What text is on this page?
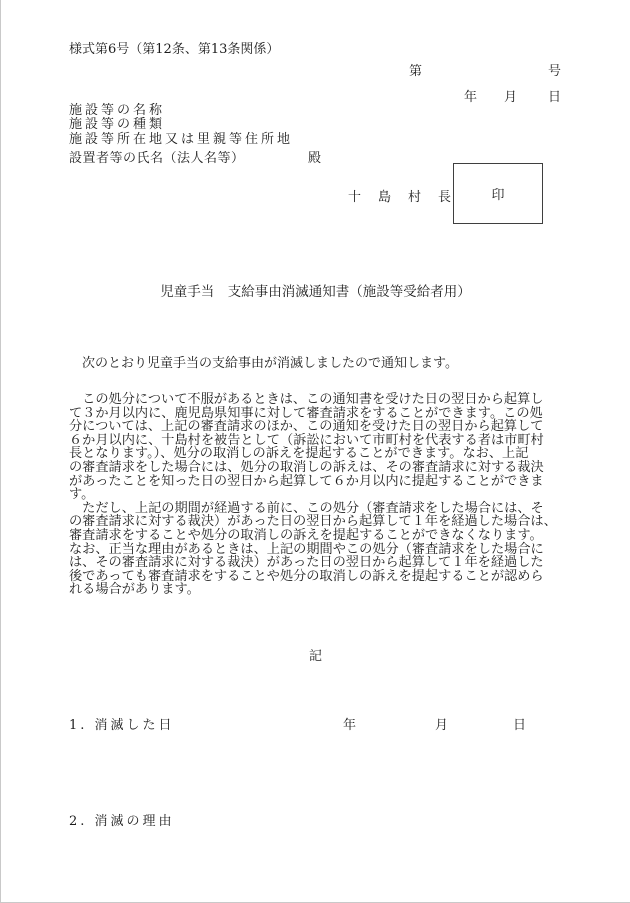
様式第6号（第12条、第13条関係）
第	号
年 月 日
施設等の名称
施設等の種類
施設等所在地又は里親等住所地
設置者等の氏名（法人名等）	殿
十　島　村　長	印
児童手当　支給事由消滅通知書（施設等受給者用）
　次のとおり児童手当の支給事由が消滅しましたので通知します。
　この処分について不服があるときは、この通知書を受けた日の翌日から起算し
て３か月以内に、鹿児島県知事に対して審査請求をすることができます。この処
分については、上記の審査請求のほか、この通知を受けた日の翌日から起算して
６か月以内に、十島村を被告として（訴訟において市町村を代表する者は市町村
長となります。）、処分の取消しの訴えを提起することができます。なお、上記
の審査請求をした場合には、処分の取消しの訴えは、その審査請求に対する裁決
があったことを知った日の翌日から起算して６か月以内に提起することができま
す。
　ただし、上記の期間が経過する前に、この処分（審査請求をした場合には、そ
の審査請求に対する裁決）があった日の翌日から起算して１年を経過した場合は、
審査請求をすることや処分の取消しの訴えを提起することができなくなります。
なお、正当な理由があるときは、上記の期間やこの処分（審査請求をした場合に
は、その審査請求に対する裁決）があった日の翌日から起算して１年を経過した
後であっても審査請求をすることや処分の取消しの訴えを提起することが認めら
れる場合があります。
記
1. 消滅した日	年	月	日
2. 消滅の理由
